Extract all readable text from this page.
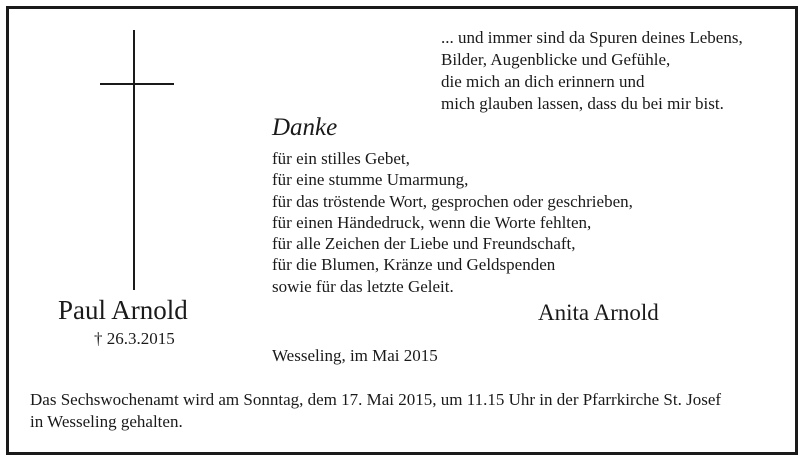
... und immer sind da Spuren deines Lebens,
Bilder, Augenblicke und Gefühle,
die mich an dich erinnern und
mich glauben lassen, dass du bei mir bist.
Danke
für ein stilles Gebet,
für eine stumme Umarmung,
für das tröstende Wort, gesprochen oder geschrieben,
für einen Händedruck, wenn die Worte fehlten,
für alle Zeichen der Liebe und Freundschaft,
für die Blumen, Kränze und Geldspenden
sowie für das letzte Geleit.
Paul Arnold
† 26.3.2015
Anita Arnold
Wesseling, im Mai 2015
Das Sechswochenamt wird am Sonntag, dem 17. Mai 2015, um 11.15 Uhr in der Pfarrkirche St. Josef
in Wesseling gehalten.
